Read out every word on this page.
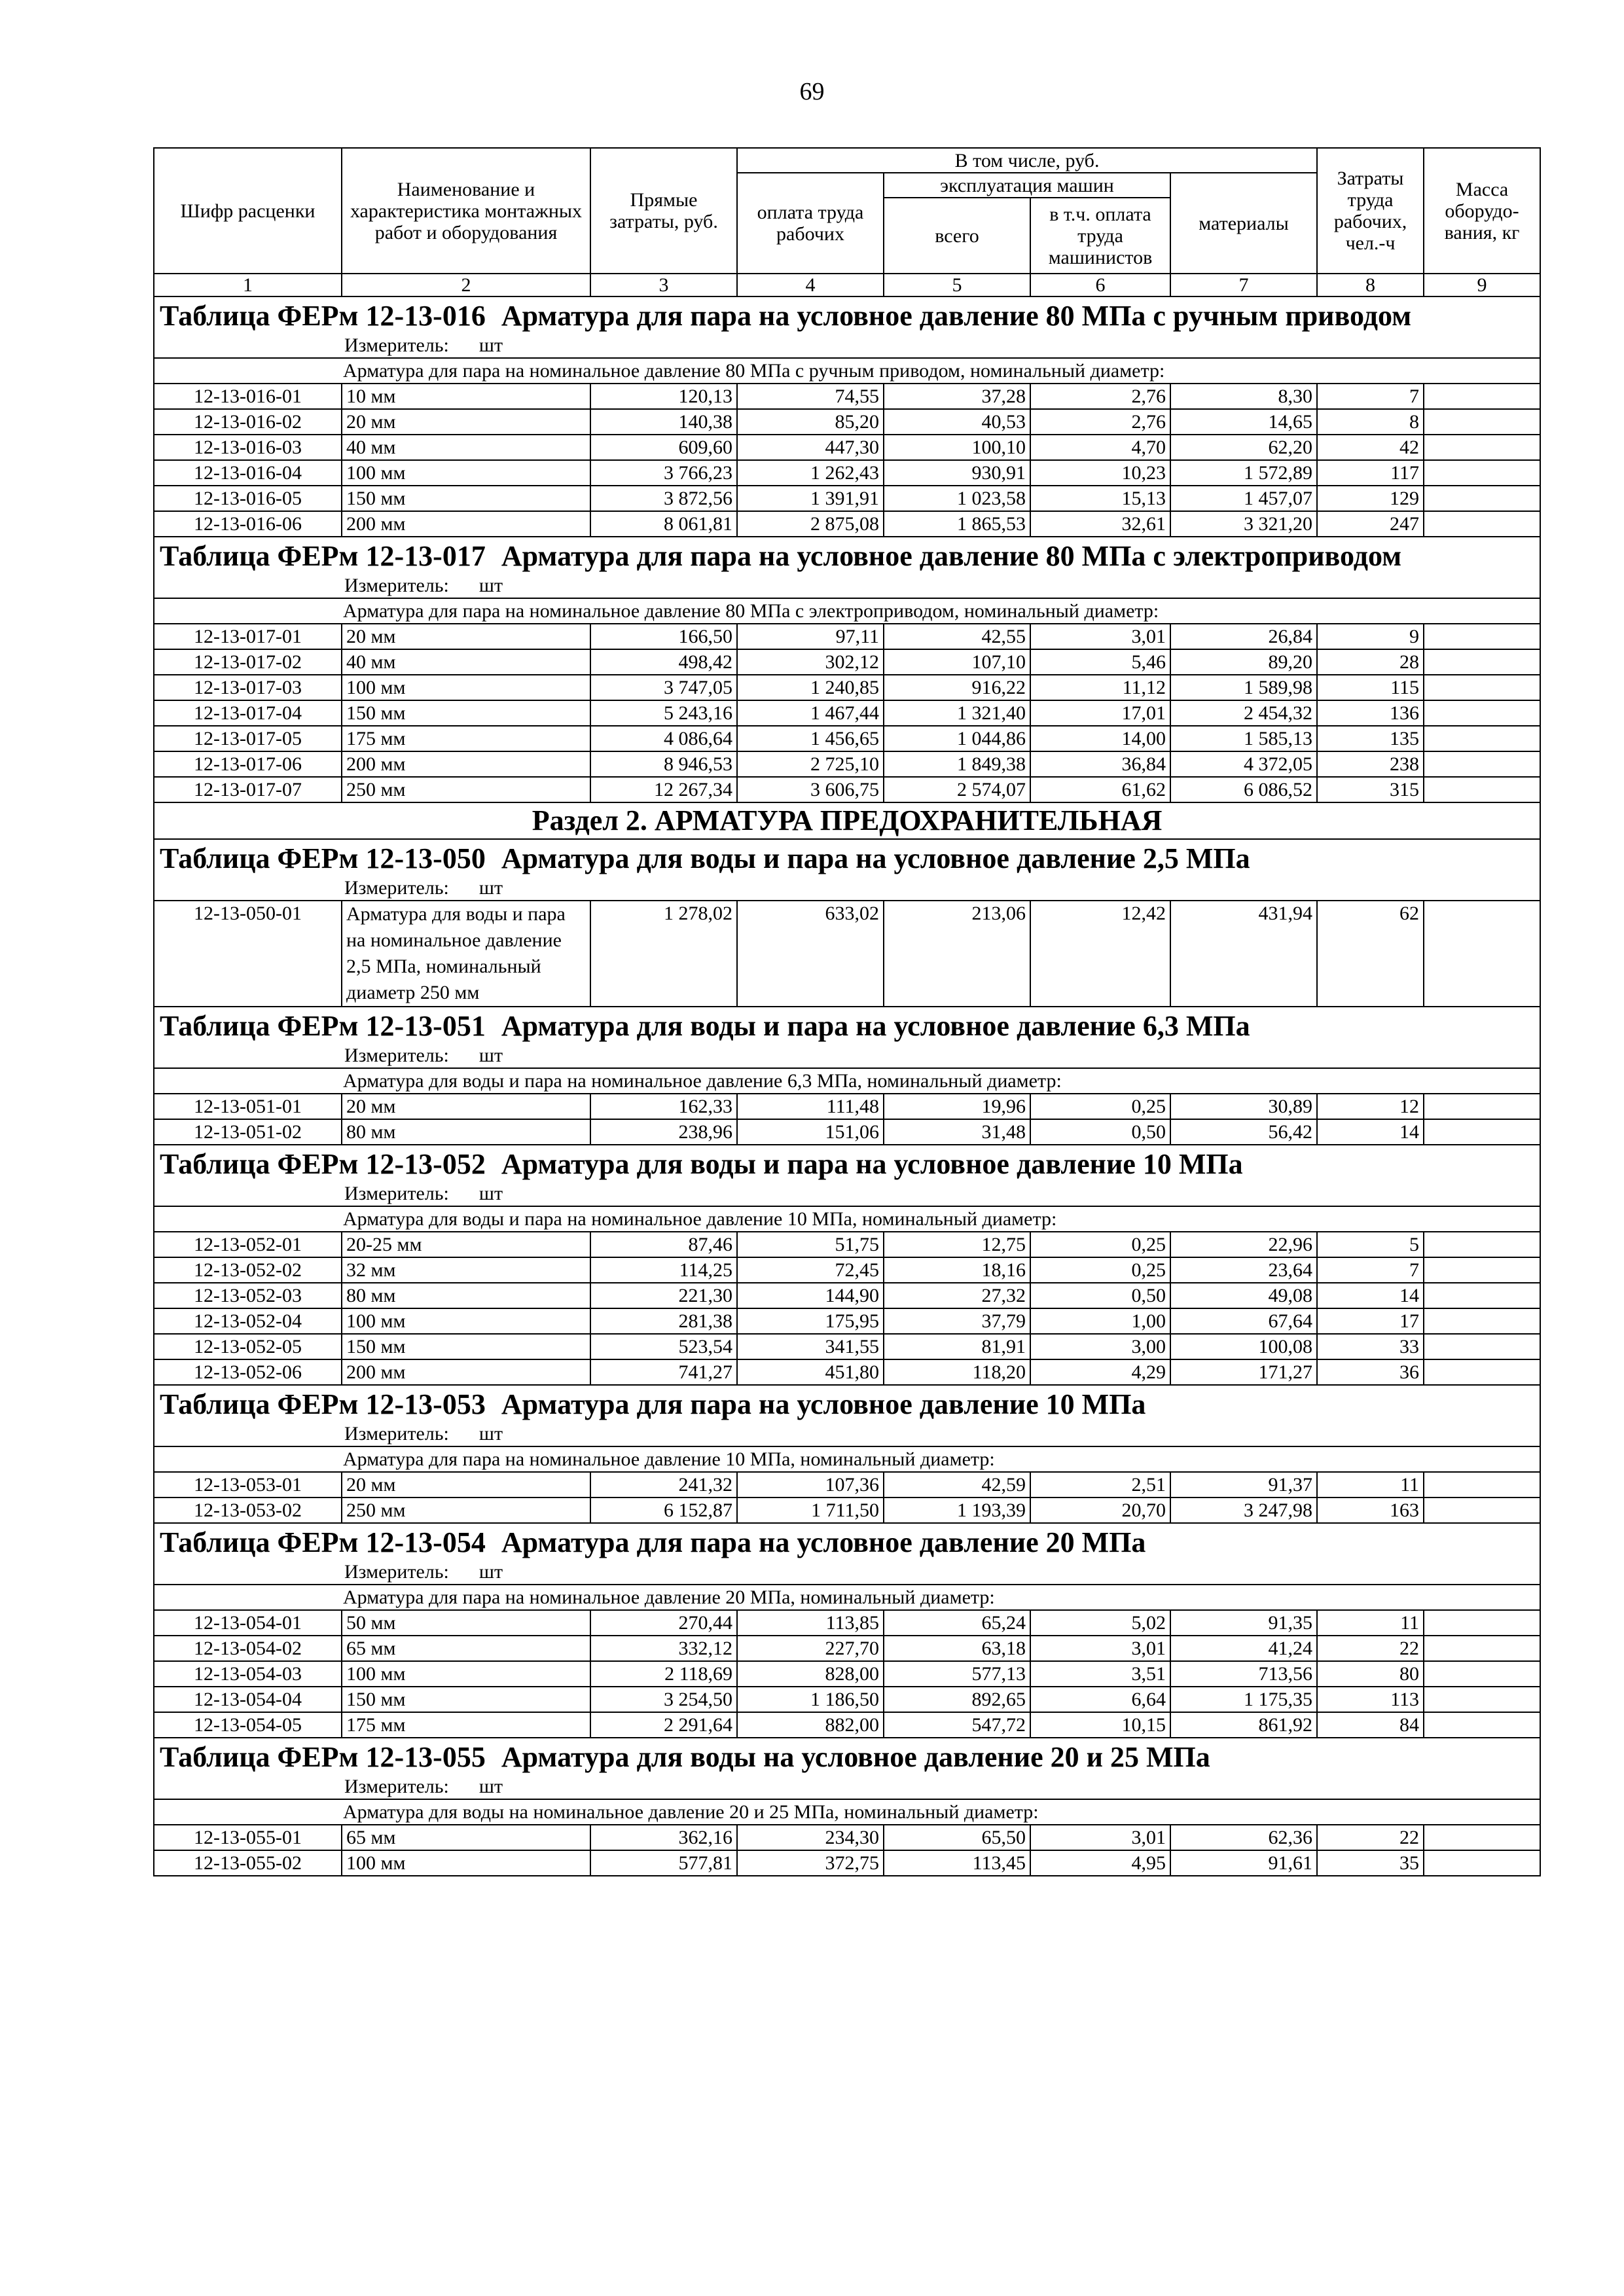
69
Шифр расценки	Наименование и характеристика монтажных работ и оборудования	Прямые затраты, руб.	В том числе, руб.				Затраты труда рабочих, чел.-ч	Масса оборудо-вания, кг
			оплата труда рабочих	эксплуатация машин		материалы		
				всего	в т.ч. оплата труда машинистов			
1	2	3	4	5	6	7	8	9

Таблица ФЕРм 12-13-016 Арматура для пара на условное давление 80 МПа с ручным приводом
Измеритель: шт								

Арматура для пара на номинальное давление 80 МПа с ручным приводом, номинальный диаметр:								
12-13-016-01	10 мм	120,13	74,55	37,28	2,76	8,30	7	
12-13-016-02	20 мм	140,38	85,20	40,53	2,76	14,65	8	
12-13-016-03	40 мм	609,60	447,30	100,10	4,70	62,20	42	
12-13-016-04	100 мм	3 766,23	1 262,43	930,91	10,23	1 572,89	117	
12-13-016-05	150 мм	3 872,56	1 391,91	1 023,58	15,13	1 457,07	129	
12-13-016-06	200 мм	8 061,81	2 875,08	1 865,53	32,61	3 321,20	247	

Таблица ФЕРм 12-13-017 Арматура для пара на условное давление 80 МПа с электроприводом
Измеритель: шт								

Арматура для пара на номинальное давление 80 МПа с электроприводом, номинальный диаметр:								
12-13-017-01	20 мм	166,50	97,11	42,55	3,01	26,84	9	
12-13-017-02	40 мм	498,42	302,12	107,10	5,46	89,20	28	
12-13-017-03	100 мм	3 747,05	1 240,85	916,22	11,12	1 589,98	115	
12-13-017-04	150 мм	5 243,16	1 467,44	1 321,40	17,01	2 454,32	136	
12-13-017-05	175 мм	4 086,64	1 456,65	1 044,86	14,00	1 585,13	135	
12-13-017-06	200 мм	8 946,53	2 725,10	1 849,38	36,84	4 372,05	238	
12-13-017-07	250 мм	12 267,34	3 606,75	2 574,07	61,62	6 086,52	315	
Раздел 2. АРМАТУРА ПРЕДОХРАНИТЕЛЬНАЯ								

Таблица ФЕРм 12-13-050 Арматура для воды и пара на условное давление 2,5 МПа
Измеритель: шт								

12-13-050-01	Арматура для воды и пара на номинальное давление 2,5 МПа, номинальный диаметр 250 мм	1 278,02	633,02	213,06	12,42	431,94	62	

Таблица ФЕРм 12-13-051 Арматура для воды и пара на условное давление 6,3 МПа
Измеритель: шт								

Арматура для воды и пара на номинальное давление 6,3 МПа, номинальный диаметр:								
12-13-051-01	20 мм	162,33	111,48	19,96	0,25	30,89	12	
12-13-051-02	80 мм	238,96	151,06	31,48	0,50	56,42	14	

Таблица ФЕРм 12-13-052 Арматура для воды и пара на условное давление 10 МПа
Измеритель: шт								

Арматура для воды и пара на номинальное давление 10 МПа, номинальный диаметр:								
12-13-052-01	20-25 мм	87,46	51,75	12,75	0,25	22,96	5	
12-13-052-02	32 мм	114,25	72,45	18,16	0,25	23,64	7	
12-13-052-03	80 мм	221,30	144,90	27,32	0,50	49,08	14	
12-13-052-04	100 мм	281,38	175,95	37,79	1,00	67,64	17	
12-13-052-05	150 мм	523,54	341,55	81,91	3,00	100,08	33	
12-13-052-06	200 мм	741,27	451,80	118,20	4,29	171,27	36	

Таблица ФЕРм 12-13-053 Арматура для пара на условное давление 10 МПа
Измеритель: шт								

Арматура для пара на номинальное давление 10 МПа, номинальный диаметр:								
12-13-053-01	20 мм	241,32	107,36	42,59	2,51	91,37	11	
12-13-053-02	250 мм	6 152,87	1 711,50	1 193,39	20,70	3 247,98	163	

Таблица ФЕРм 12-13-054 Арматура для пара на условное давление 20 МПа
Измеритель: шт								

Арматура для пара на номинальное давление 20 МПа, номинальный диаметр:								
12-13-054-01	50 мм	270,44	113,85	65,24	5,02	91,35	11	
12-13-054-02	65 мм	332,12	227,70	63,18	3,01	41,24	22	
12-13-054-03	100 мм	2 118,69	828,00	577,13	3,51	713,56	80	
12-13-054-04	150 мм	3 254,50	1 186,50	892,65	6,64	1 175,35	113	
12-13-054-05	175 мм	2 291,64	882,00	547,72	10,15	861,92	84	

Таблица ФЕРм 12-13-055 Арматура для воды на условное давление 20 и 25 МПа
Измеритель: шт								

Арматура для воды на номинальное давление 20 и 25 МПа, номинальный диаметр:								
12-13-055-01	65 мм	362,16	234,30	65,50	3,01	62,36	22	
12-13-055-02	100 мм	577,81	372,75	113,45	4,95	91,61	35	
